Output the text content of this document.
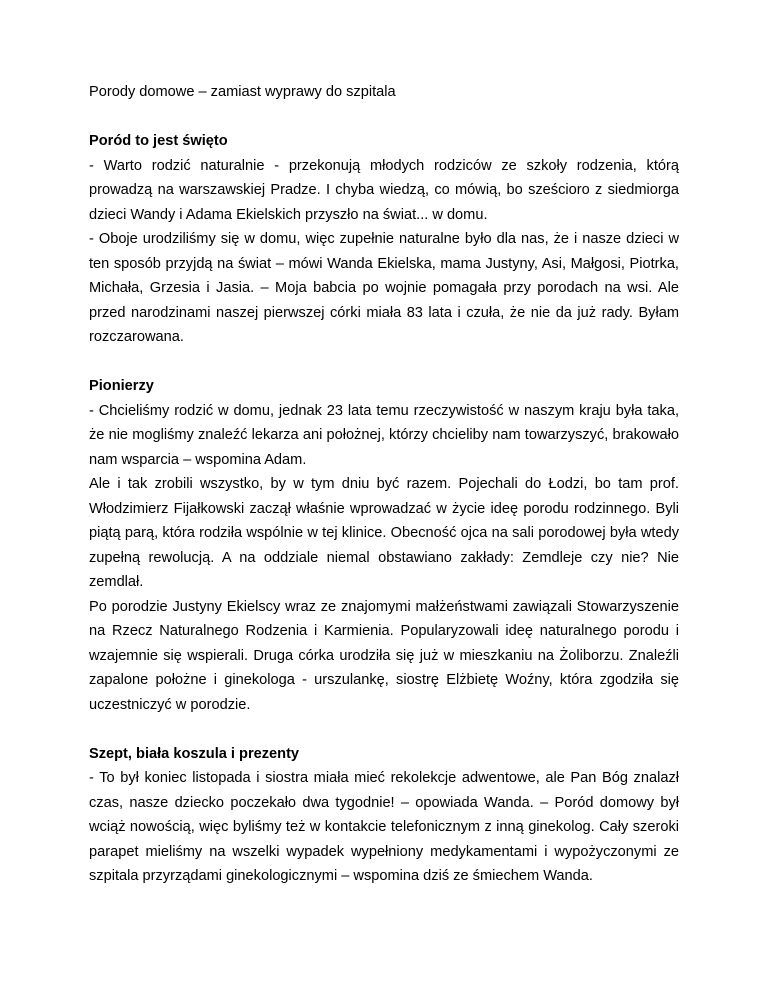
Porody domowe – zamiast wyprawy do szpitala

Poród to jest święto

- Warto rodzić naturalnie - przekonują młodych rodziców ze szkoły rodzenia, którą prowadzą na warszawskiej Pradze. I chyba wiedzą, co mówią, bo sześcioro z siedmiorga dzieci Wandy i Adama Ekielskich przyszło na świat... w domu.

- Oboje urodziliśmy się w domu, więc zupełnie naturalne było dla nas, że i nasze dzieci w ten sposób przyjdą na świat – mówi Wanda Ekielska, mama Justyny, Asi, Małgosi, Piotrka, Michała, Grzesia i Jasia. – Moja babcia po wojnie pomagała przy porodach na wsi. Ale przed narodzinami naszej pierwszej córki miała 83 lata i czuła, że nie da już rady. Byłam rozczarowana.

Pionierzy

- Chcieliśmy rodzić w domu, jednak 23 lata temu rzeczywistość w naszym kraju była taka, że nie mogliśmy znaleźć lekarza ani położnej, którzy chcieliby nam towarzyszyć, brakowało nam wsparcia – wspomina Adam.

Ale i tak zrobili wszystko, by w tym dniu być razem. Pojechali do Łodzi, bo tam prof. Włodzimierz Fijałkowski zaczął właśnie wprowadzać w życie ideę porodu rodzinnego. Byli piątą parą, która rodziła wspólnie w tej klinice. Obecność ojca na sali porodowej była wtedy zupełną rewolucją. A na oddziale niemal obstawiano zakłady: Zemdleje czy nie? Nie zemdlał.

Po porodzie Justyny Ekielscy wraz ze znajomymi małżeństwami zawiązali Stowarzyszenie na Rzecz Naturalnego Rodzenia i Karmienia. Popularyzowali ideę naturalnego porodu i wzajemnie się wspierali. Druga córka urodziła się już w mieszkaniu na Żoliborzu. Znaleźli zapalone położne i ginekologa - urszulankę, siostrę Elżbietę Woźny, która zgodziła się uczestniczyć w porodzie.

Szept, biała koszula i prezenty

- To był koniec listopada i siostra miała mieć rekolekcje adwentowe, ale Pan Bóg znalazł czas, nasze dziecko poczekało dwa tygodnie! – opowiada Wanda. – Poród domowy był wciąż nowością, więc byliśmy też w kontakcie telefonicznym z inną ginekolog. Cały szeroki parapet mieliśmy na wszelki wypadek wypełniony medykamentami i wypożyczonymi ze szpitala przyrządami ginekologicznymi – wspomina dziś ze śmiechem Wanda.
